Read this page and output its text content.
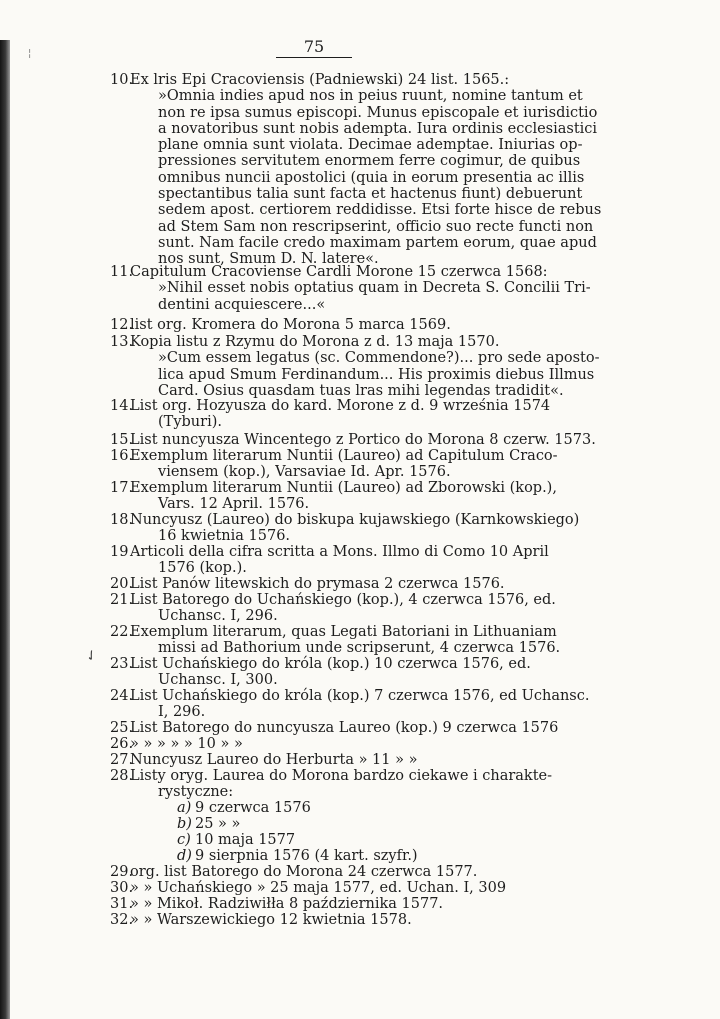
¦
✓
75
10.
Ex lris Epi Cracoviensis (Padniewski) 24 list. 1565.:
»Omnia indies apud nos in peius ruunt, nomine tantum et
non re ipsa sumus episcopi. Munus episcopale et iurisdictio
a novatoribus sunt nobis adempta. Iura ordinis ecclesiastici
plane omnia sunt violata. Decimae ademptae. Iniurias op-
pressiones servitutem enormem ferre cogimur, de quibus
omnibus nuncii apostolici (quia in eorum presentia ac illis
spectantibus talia sunt facta et hactenus fiunt) debuerunt
sedem apost. certiorem reddidisse. Etsi forte hisce de rebus
ad Stem Sam non rescripserint, officio suo recte functi non
sunt. Nam facile credo maximam partem eorum, quae apud
nos sunt, Smum D. N. latere«.
11.
Capitulum Cracoviense Cardli Morone 15 czerwca 1568:
»Nihil esset nobis optatius quam in Decreta S. Concilii Tri-
dentini acquiescere...«
12.
list org. Kromera do Morona 5 marca 1569.
13.
Kopia listu z Rzymu do Morona z d. 13 maja 1570.
»Cum essem legatus (sc. Commendone?)... pro sede aposto-
lica apud Smum Ferdinandum... His proximis diebus Illmus
Card. Osius quasdam tuas lras mihi legendas tradidit«.
14.
List org. Hozyusza do kard. Morone z d. 9 września 1574
(Tyburi).
15.
List nuncyusza Wincentego z Portico do Morona 8 czerw. 1573.
16.
Exemplum literarum Nuntii (Laureo) ad Capitulum Craco-
viensem (kop.), Varsaviae Id. Apr. 1576.
17.
Exemplum literarum Nuntii (Laureo) ad Zborowski (kop.),
Vars. 12 April. 1576.
18.
Nuncyusz (Laureo) do biskupa kujawskiego (Karnkowskiego)
16 kwietnia 1576.
19 Articoli della cifra scritta a Mons. Illmo di Como 10 April
1576 (kop.).
20.
List Panów litewskich do prymasa 2 czerwca 1576.
21.
List Batorego do Uchańskiego (kop.), 4 czerwca 1576, ed.
Uchansc. I, 296.
22.
Exemplum literarum, quas Legati Batoriani in Lithuaniam
missi ad Bathorium unde scripserunt, 4 czerwca 1576.
23.
List Uchańskiego do króla (kop.) 10 czerwca 1576, ed.
Uchansc. I, 300.
24.
List Uchańskiego do króla (kop.) 7 czerwca 1576, ed Uchansc.
I, 296.
25.
List Batorego do nuncyusza Laureo (kop.) 9 czerwca 1576
26.
» » » » » 10 » »
27.
Nuncyusz Laureo do Herburta » 11 » »
28.
Listy oryg. Laurea do Morona bardzo ciekawe i charakte-
rystyczne:
29.
org. list Batorego do Morona 24 czerwca 1577.
30.
» » Uchańskiego » 25 maja 1577, ed. Uchan. I, 309
31.
» » Mikoł. Radziwiłła 8 października 1577.
32.
» » Warszewickiego 12 kwietnia 1578.
a) 9 czerwca 1576
b) 25 » »
c) 10 maja 1577
d) 9 sierpnia 1576 (4 kart. szyfr.)
